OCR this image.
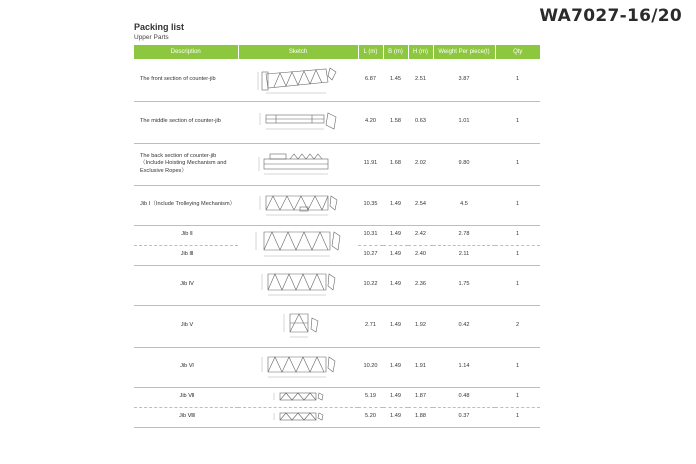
WA7027-16/20
Packing list
Upper Parts
Description	Sketch	L (m)	B (m)	H (m)	Weight Per piece(t)	Qty
The front section of counter-jib		6.87	1.45	2.51	3.87	1
The middle section of counter-jib		4.20	1.58	0.63	1.01	1
The back section of counter-jib （Include Hoisting Mechanism and Exclusive Ropes）		11.91	1.68	2.02	9.80	1
Jib Ⅰ（Include Trolleying Mechanism）		10.35	1.49	2.54	4.5	1
Jib Ⅱ		10.31	1.49	2.42	2.78	1
Jib Ⅲ		10.27	1.49	2.40	2.11	1
Jib Ⅳ		10.22	1.49	2.36	1.75	1
Jib Ⅴ		2.71	1.49	1.92	0.42	2
Jib Ⅵ		10.20	1.49	1.91	1.14	1
Jib Ⅶ		5.19	1.49	1.87	0.48	1
Jib Ⅷ		5.20	1.49	1.88	0.37	1
